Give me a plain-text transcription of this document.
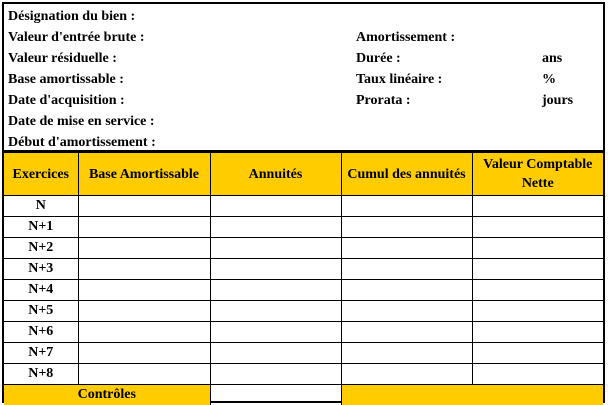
Désignation du bien :
Valeur d'entrée brute :
Valeur résiduelle :
Base amortissable :
Date d'acquisition :
Date de mise en service :
Début d'amortissement :
Amortissement :
Durée :	ans
Taux linéaire :	%
Prorata :	jours
Exercices	Base Amortissable	Annuités	Cumul des annuités	Valeur Comptable Nette
N				
N+1				
N+2				
N+3				
N+4				
N+5				
N+6				
N+7				
N+8				
Contrôles				
